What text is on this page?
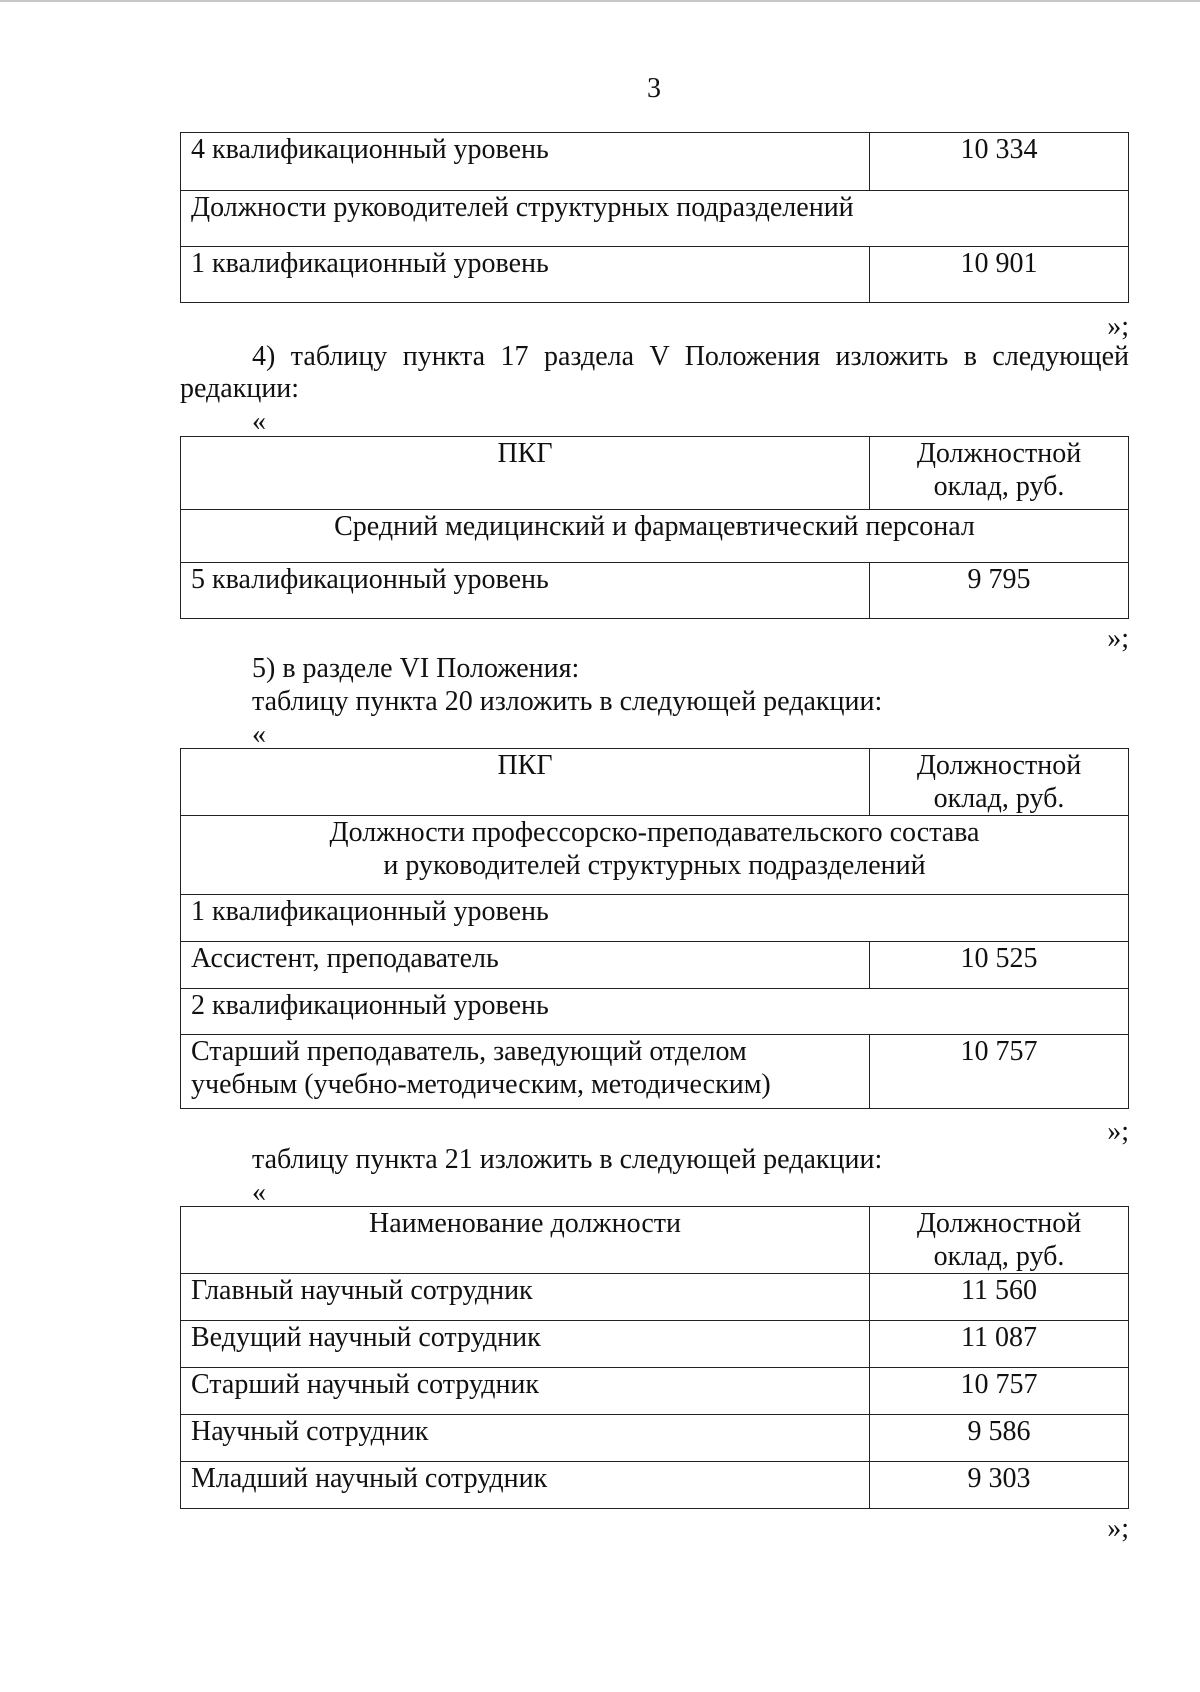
3
4 квалификационный уровень	10 334
Должности руководителей структурных подразделений	
1 квалификационный уровень	10 901
»;
4) таблицу пункта 17 раздела V Положения изложить в следующей
редакции:
«
ПКГ	Должностной
оклад, руб.

Средний медицинский и фармацевтический персонал	
5 квалификационный уровень	9 795
»;
5) в разделе VI Положения:
таблицу пункта 20 изложить в следующей редакции:
«
ПКГ	Должностной
оклад, руб.

Должности профессорско-преподавательского состава
и руководителей структурных подразделений	

1 квалификационный уровень	
Ассистент, преподаватель	10 525
2 квалификационный уровень	

Старший преподаватель, заведующий отделом
учебным (учебно-методическим, методическим)	10 757
»;
таблицу пункта 21 изложить в следующей редакции:
«
Наименование должности	Должностной
оклад, руб.

Главный научный сотрудник	11 560
Ведущий научный сотрудник	11 087
Старший научный сотрудник	10 757
Научный сотрудник	9 586
Младший научный сотрудник	9 303
»;
